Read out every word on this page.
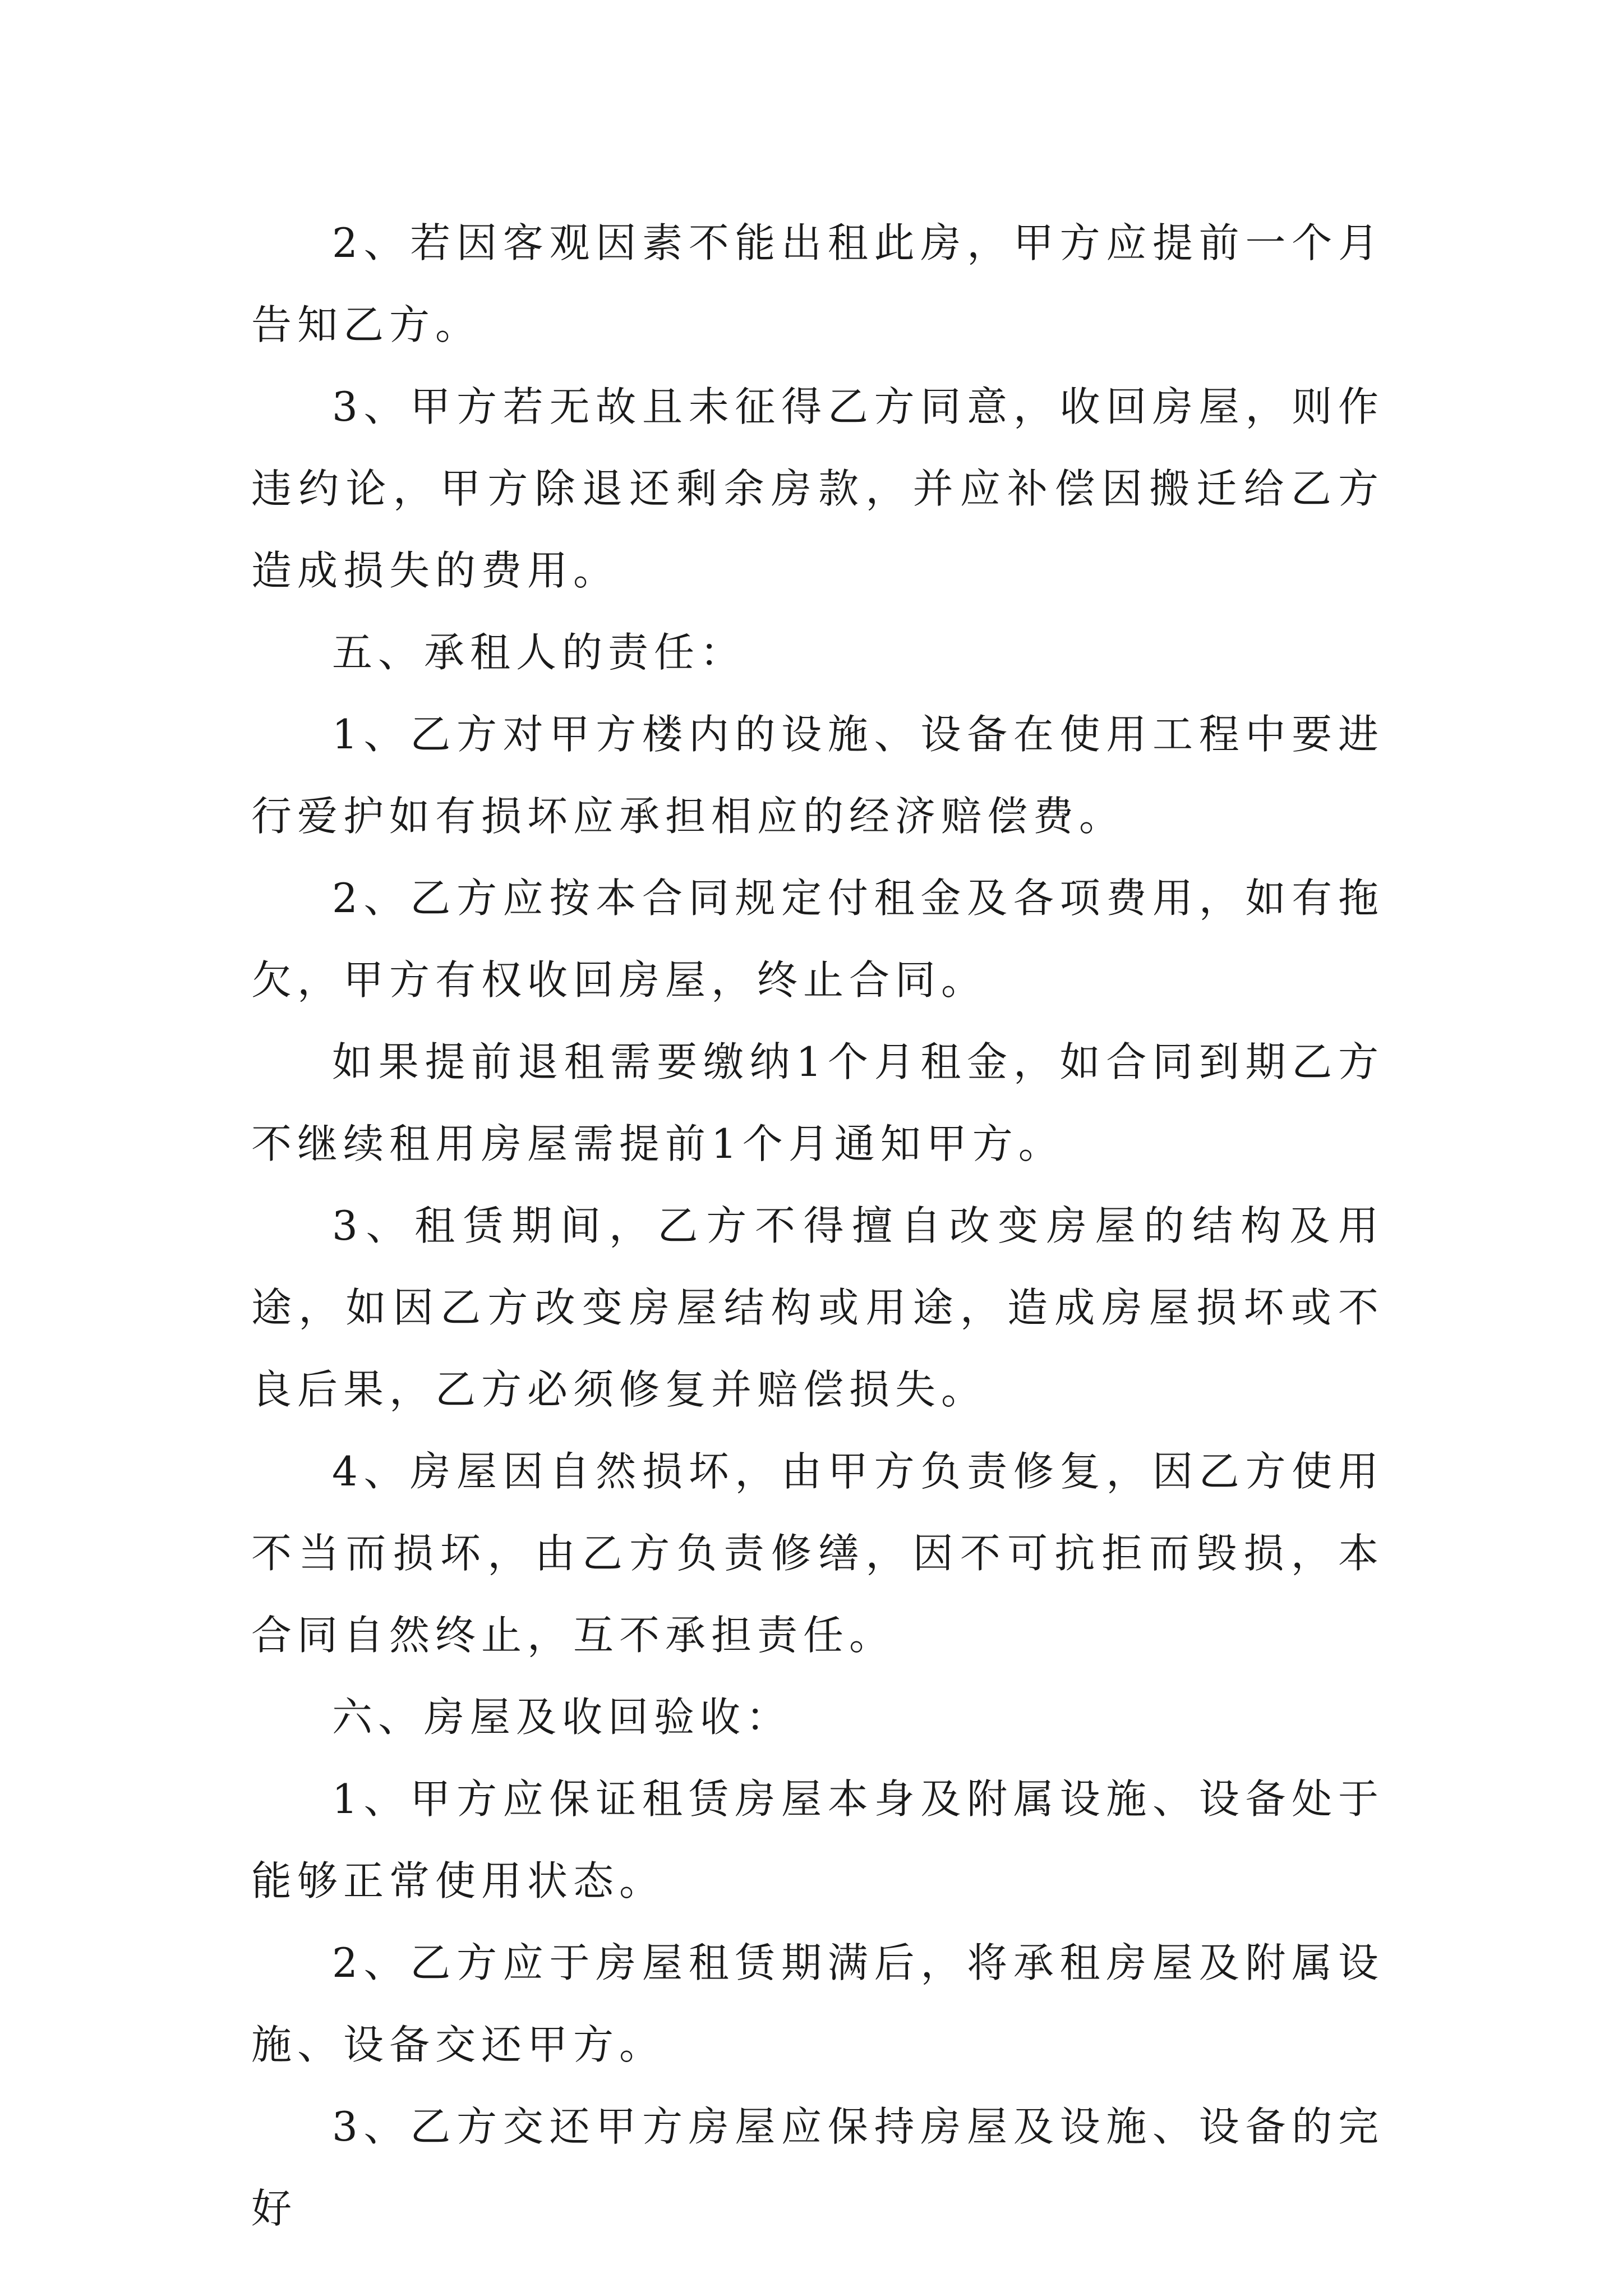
2、若因客观因素不能出租此房，甲方应提前一个月告知乙方。

3、甲方若无故且未征得乙方同意，收回房屋，则作违约论，甲方除退还剩余房款，并应补偿因搬迁给乙方造成损失的费用。

五、承租人的责任：

1、乙方对甲方楼内的设施、设备在使用工程中要进行爱护如有损坏应承担相应的经济赔偿费。

2、乙方应按本合同规定付租金及各项费用，如有拖欠，甲方有权收回房屋，终止合同。

如果提前退租需要缴纳1个月租金，如合同到期乙方不继续租用房屋需提前1个月通知甲方。

3、租赁期间，乙方不得擅自改变房屋的结构及用途，如因乙方改变房屋结构或用途，造成房屋损坏或不良后果，乙方必须修复并赔偿损失。

4、房屋因自然损坏，由甲方负责修复，因乙方使用不当而损坏，由乙方负责修缮，因不可抗拒而毁损，本合同自然终止，互不承担责任。

六、房屋及收回验收：

1、甲方应保证租赁房屋本身及附属设施、设备处于能够正常使用状态。

2、乙方应于房屋租赁期满后，将承租房屋及附属设施、设备交还甲方。

3、乙方交还甲方房屋应保持房屋及设施、设备的完好
